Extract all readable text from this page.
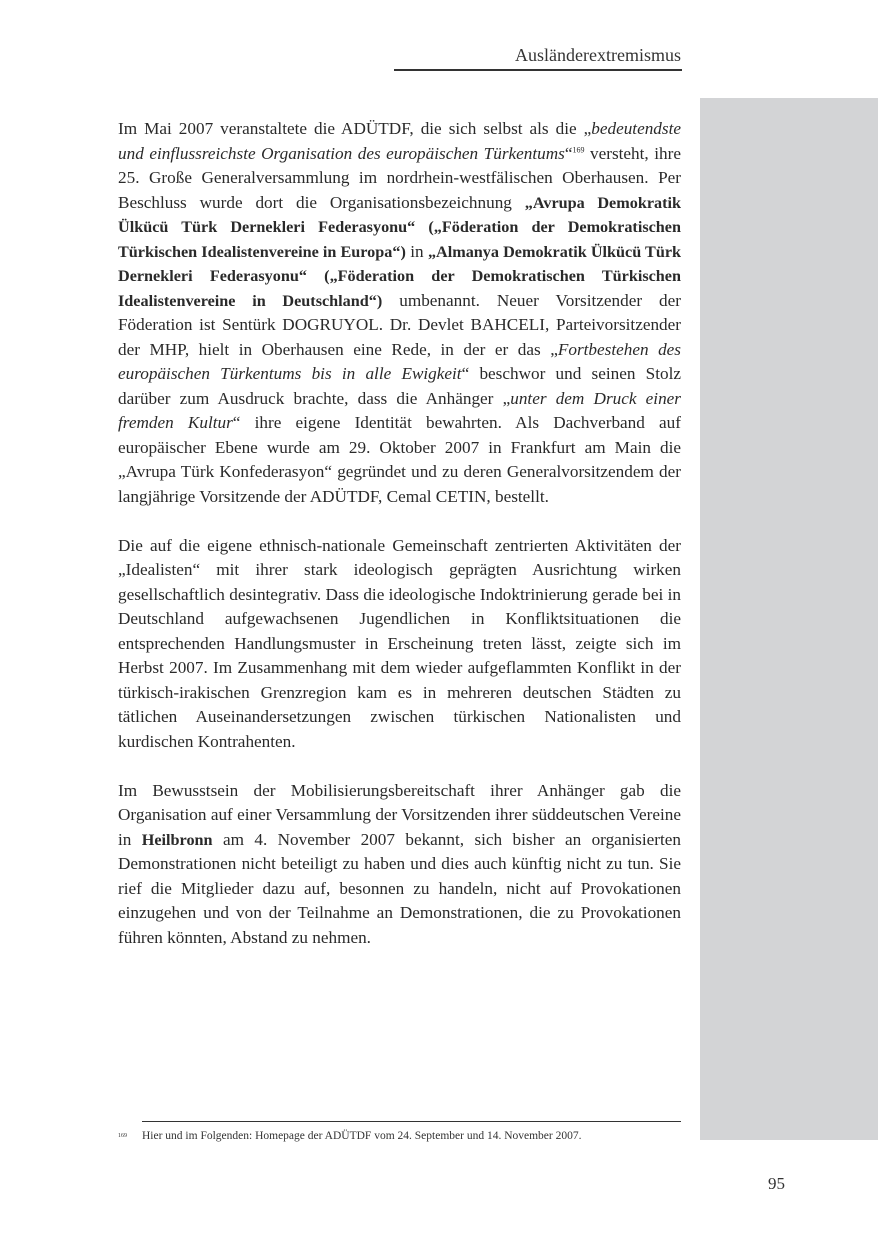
Ausländerextremismus

Im Mai 2007 veranstaltete die ADÜTDF, die sich selbst als die „bedeutendste und einflussreichste Organisation des europäischen Türkentums“$^{169}$ versteht, ihre 25. Große Generalversammlung im nordrhein-westfälischen Oberhausen. Per Beschluss wurde dort die Organisationsbezeichnung „Avrupa Demokratik Ülkücü Türk Dernekleri Federasyonu“ („Föderation der Demokratischen Türkischen Idealistenvereine in Europa“) in „Almanya Demokratik Ülkücü Türk Dernekleri Federasyonu“ („Föderation der Demokratischen Türkischen Idealistenvereine in Deutschland“) umbenannt. Neuer Vorsitzender der Föderation ist Sentürk DOGRUYOL. Dr. Devlet BAHCELI, Parteivorsitzender der MHP, hielt in Oberhausen eine Rede, in der er das „Fortbestehen des europäischen Türkentums bis in alle Ewigkeit“ beschwor und seinen Stolz darüber zum Ausdruck brachte, dass die Anhänger „unter dem Druck einer fremden Kultur“ ihre eigene Identität bewahrten. Als Dachverband auf europäischer Ebene wurde am 29. Oktober 2007 in Frankfurt am Main die „Avrupa Türk Konfederasyon“ gegründet und zu deren Generalvorsitzendem der langjährige Vorsitzende der ADÜTDF, Cemal CETIN, bestellt.

Die auf die eigene ethnisch-nationale Gemeinschaft zentrierten Aktivitäten der „Idealisten“ mit ihrer stark ideologisch geprägten Ausrichtung wirken gesellschaftlich desintegrativ. Dass die ideologische Indoktrinierung gerade bei in Deutschland aufgewachsenen Jugendlichen in Konfliktsituationen die entsprechenden Handlungsmuster in Erscheinung treten lässt, zeigte sich im Herbst 2007. Im Zusammenhang mit dem wieder aufgeflammten Konflikt in der türkisch-irakischen Grenzregion kam es in mehreren deutschen Städten zu tätlichen Auseinandersetzungen zwischen türkischen Nationalisten und kurdischen Kontrahenten.

Im Bewusstsein der Mobilisierungsbereitschaft ihrer Anhänger gab die Organisation auf einer Versammlung der Vorsitzenden ihrer süddeutschen Vereine in Heilbronn am 4. November 2007 bekannt, sich bisher an organisierten Demonstrationen nicht beteiligt zu haben und dies auch künftig nicht zu tun. Sie rief die Mitglieder dazu auf, besonnen zu handeln, nicht auf Provokationen einzugehen und von der Teilnahme an Demonstrationen, die zu Provokationen führen könnten, Abstand zu nehmen.

169 Hier und im Folgenden: Homepage der ADÜTDF vom 24. September und 14. November 2007.
95
